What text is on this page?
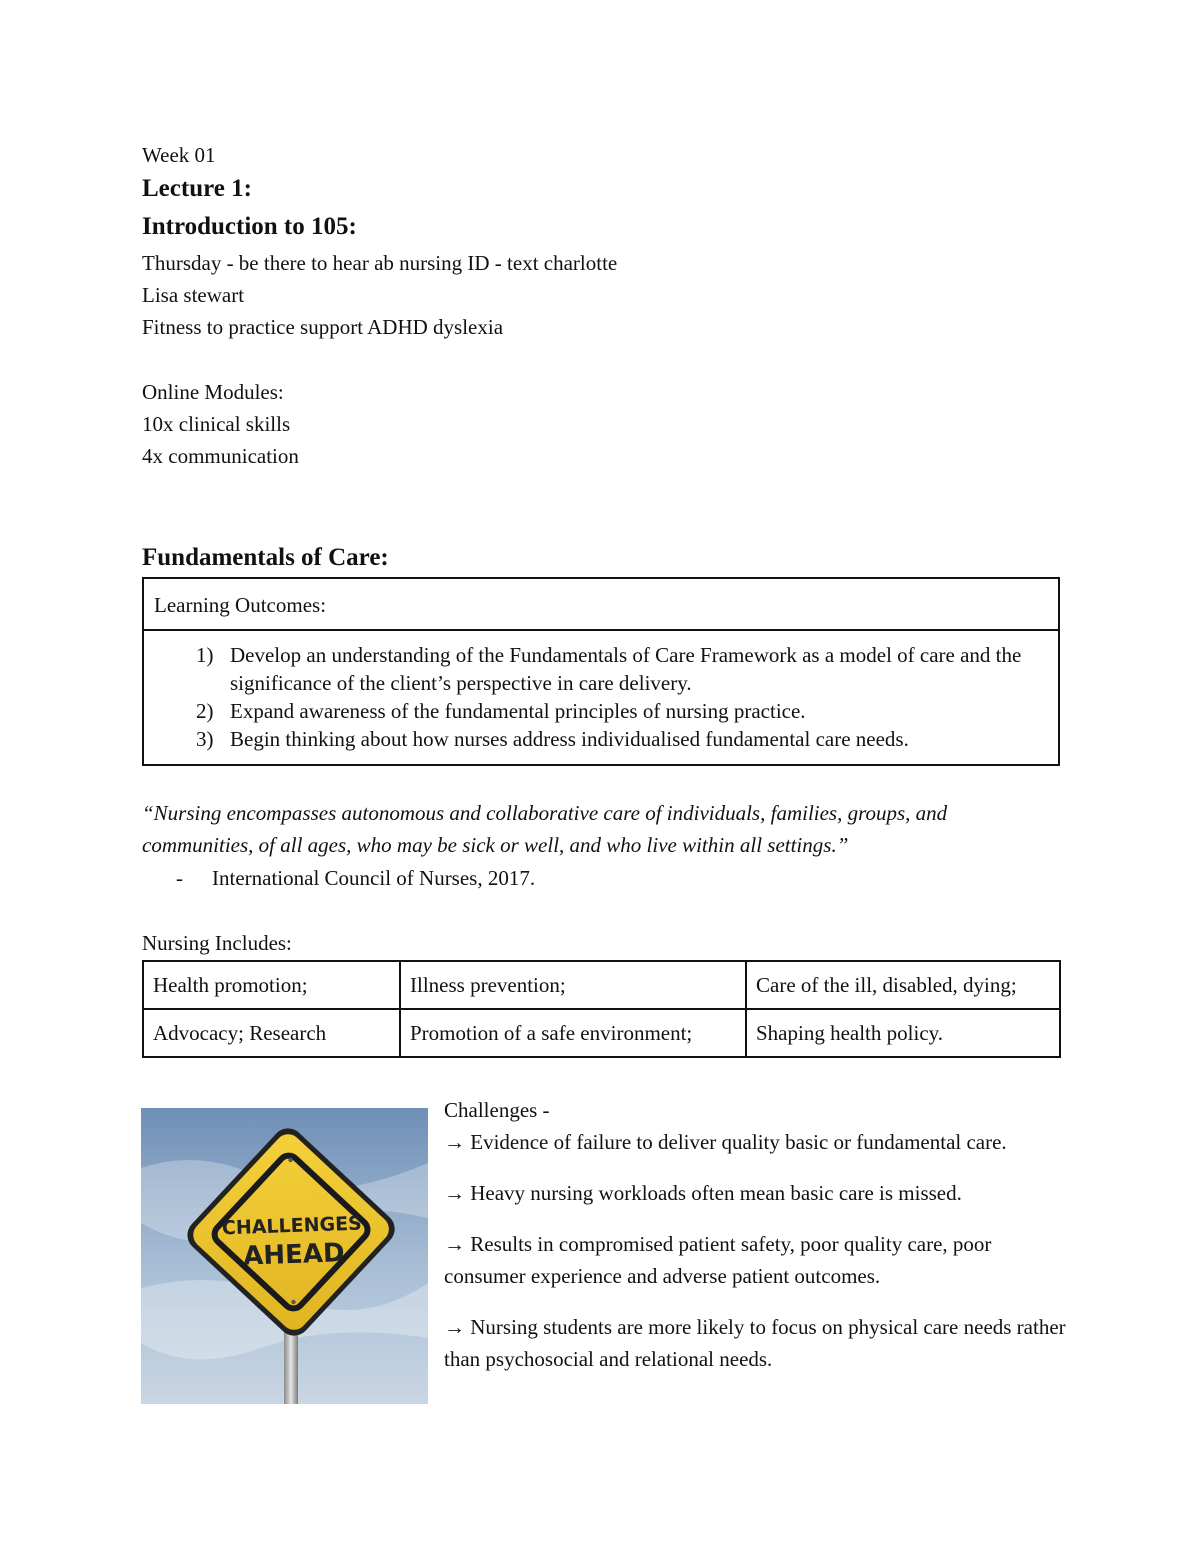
Week 01
Lecture 1:
Introduction to 105:
Thursday - be there to hear ab nursing ID - text charlotte
Lisa stewart
Fitness to practice support ADHD dyslexia
Online Modules:
10x clinical skills
4x communication
Fundamentals of Care:
Learning Outcomes:
1. Develop an understanding of the Fundamentals of Care Framework as a model of care and the significance of the client’s perspective in care delivery.
2. Expand awareness of the fundamental principles of nursing practice.
3. Begin thinking about how nurses address individualised fundamental care needs.
“Nursing encompasses autonomous and collaborative care of individuals, families, groups, and
communities, of all ages, who may be sick or well, and who live within all settings.”
- International Council of Nurses, 2017.
Nursing Includes:
Health promotion;	Illness prevention;	Care of the ill, disabled, dying;
Advocacy; Research	Promotion of a safe environment;	Shaping health policy.
CHALLENGES
AHEAD

Challenges -

→ Evidence of failure to deliver quality basic or fundamental care.

→ Heavy nursing workloads often mean basic care is missed.

→ Results in compromised patient safety, poor quality care, poor consumer experience and adverse patient outcomes.

→ Nursing students are more likely to focus on physical care needs rather than psychosocial and relational needs.
